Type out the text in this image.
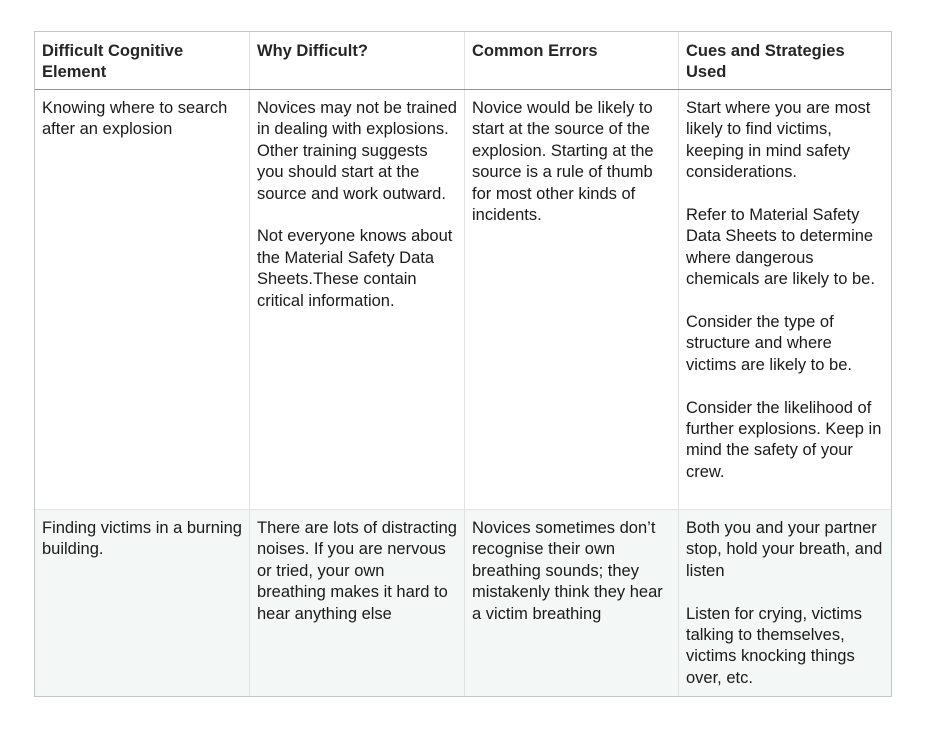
Difficult Cognitive Element
Why Difficult?	Common Errors	Cues and Strategies Used

Knowing where to search after an explosion

Novices may not be trained in dealing with explosions. Other training suggests you should start at the source and work outward.

Not everyone knows about the Material Safety Data Sheets.These contain critical information.

Novice would be likely to start at the source of the explosion. Starting at the source is a rule of thumb for most other kinds of incidents.

Start where you are most likely to find victims, keeping in mind safety considerations.

Refer to Material Safety Data Sheets to determine where dangerous chemicals are likely to be.

Consider the type of structure and where victims are likely to be.

Consider the likelihood of further explosions. Keep in mind the safety of your crew.

Finding victims in a burning building.

There are lots of distracting noises. If you are nervous or tried, your own breathing makes it hard to hear anything else

Novices sometimes don’t recognise their own breathing sounds; they mistakenly think they hear a victim breathing

Both you and your partner stop, hold your breath, and listen

Listen for crying, victims talking to themselves, victims knocking things over, etc.
